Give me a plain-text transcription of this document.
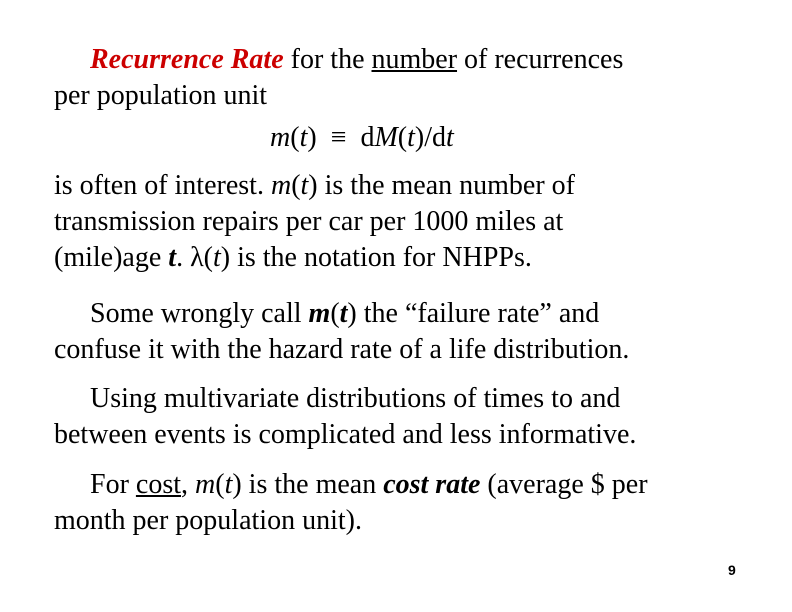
Recurrence Rate for the number of recurrences
per population unit

m(t) ≡ dM(t)/dt

is often of interest. m(t) is the mean number of
transmission repairs per car per 1000 miles at
(mile)age t. λ(t) is the notation for NHPPs.

Some wrongly call m(t) the “failure rate” and
confuse it with the hazard rate of a life distribution.

Using multivariate distributions of times to and
between events is complicated and less informative.

For cost, m(t) is the mean cost rate (average $ per
month per population unit).

9
